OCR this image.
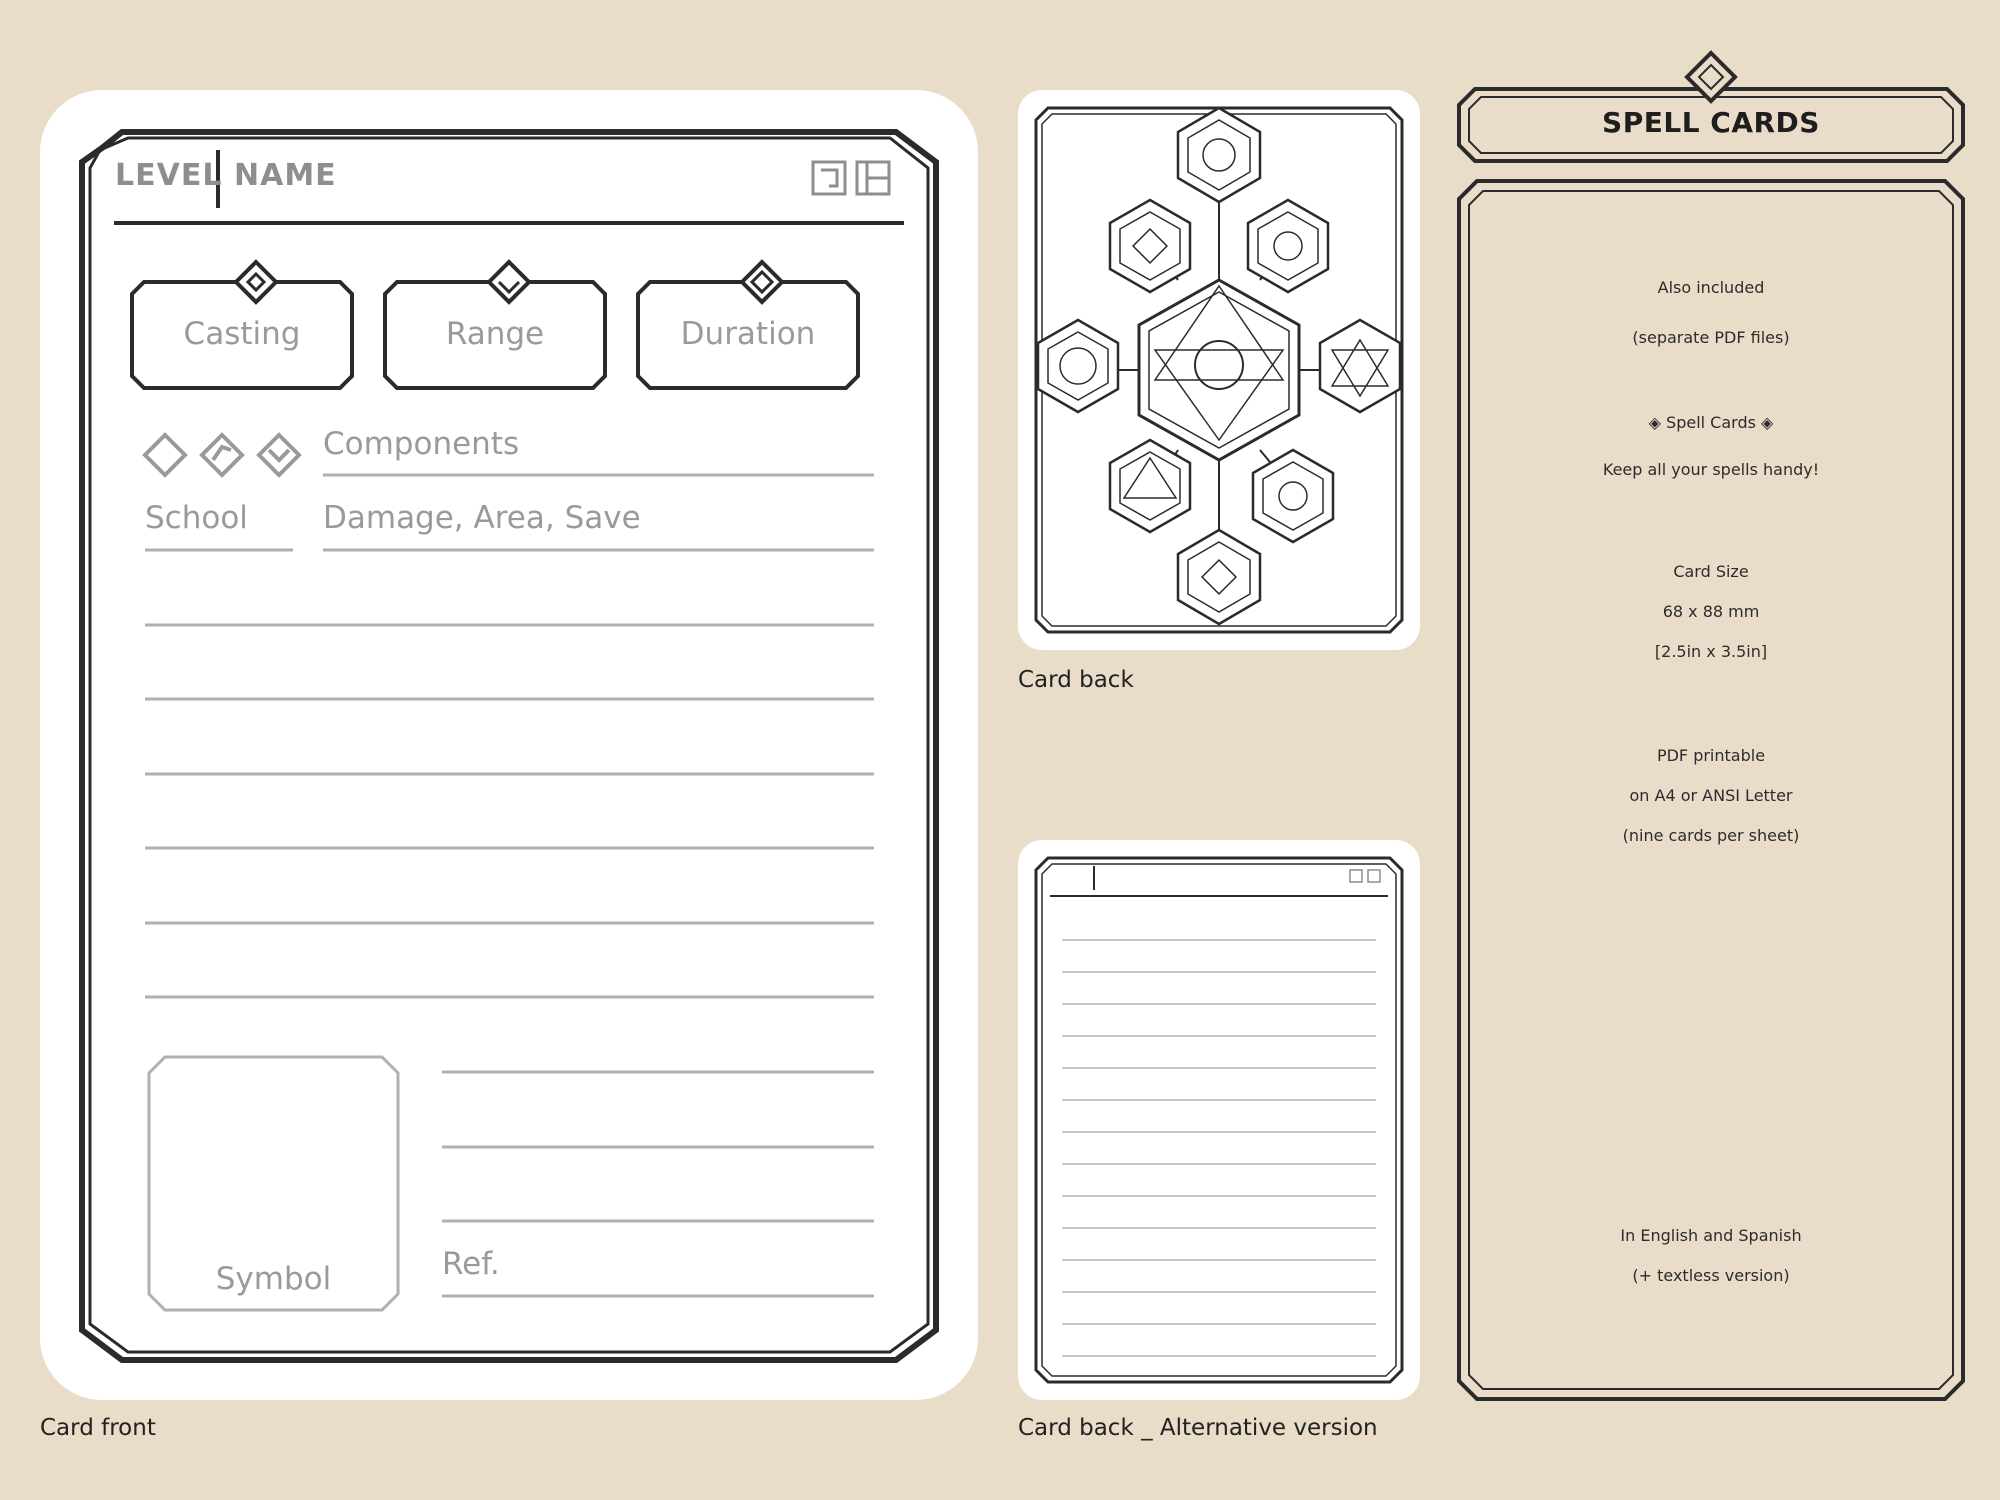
LEVEL NAME
Casting	Range	Duration
Components
School Damage, Area, Save
Symbol	Ref.
Card front
Card back
Card back _ Alternative version
SPELL CARDS
Also included
(separate PDF files)
◈ Spell Cards ◈
Keep all your spells handy!
Card Size
68 x 88 mm
[2.5in x 3.5in]
PDF printable
on A4 or ANSI Letter
(nine cards per sheet)
In English and Spanish
(+ textless version)
